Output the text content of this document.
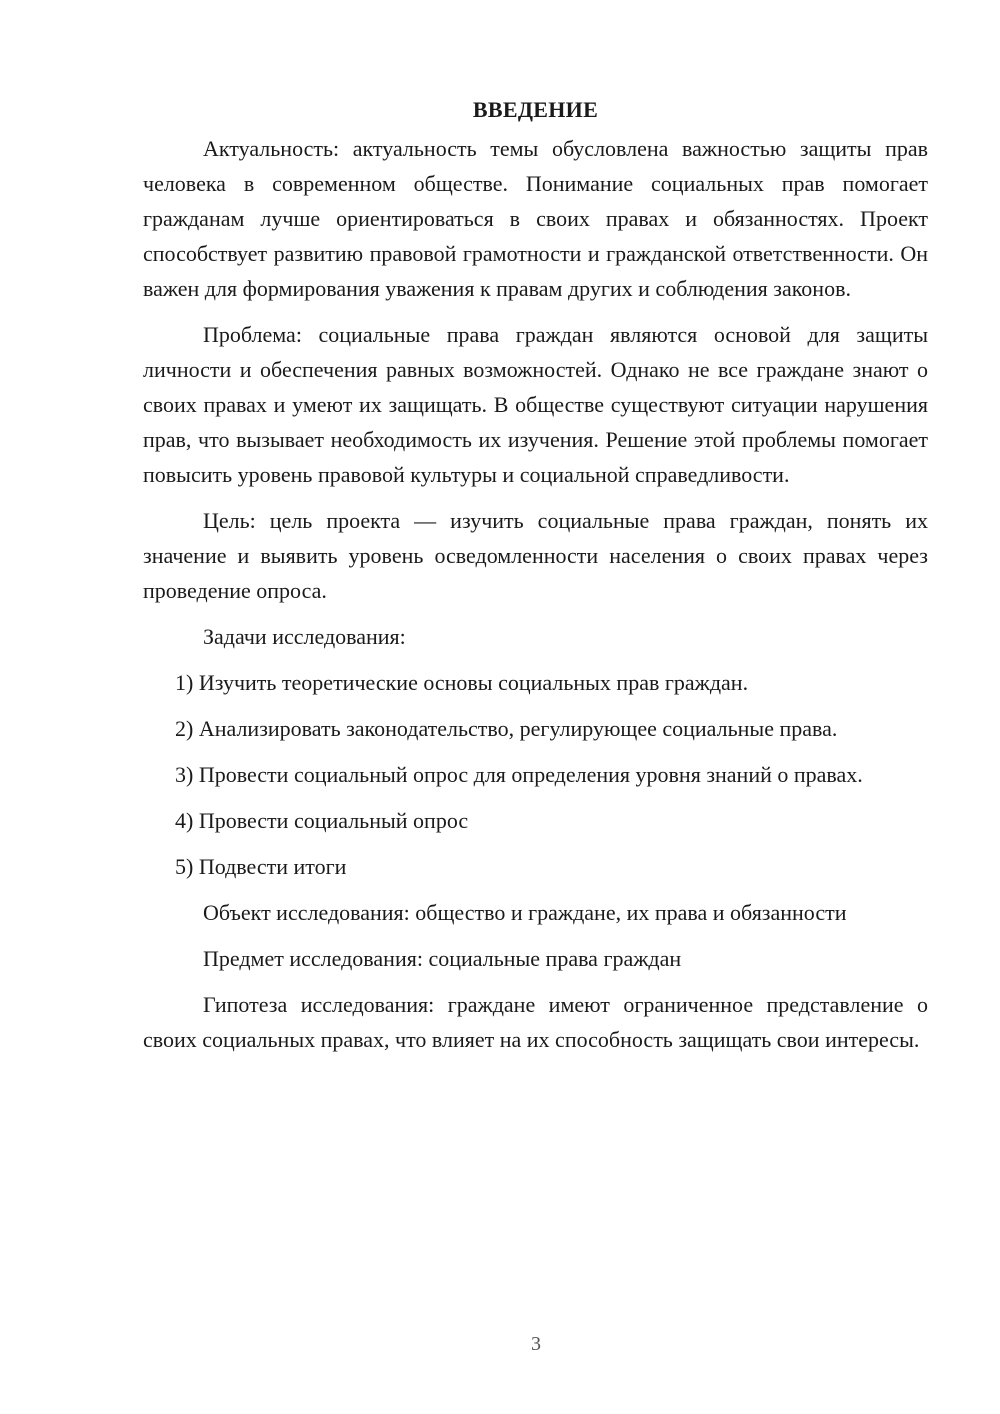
ВВЕДЕНИЕ

Актуальность: актуальность темы обусловлена важностью защиты прав человека в современном обществе. Понимание социальных прав помогает гражданам лучше ориентироваться в своих правах и обязанностях. Проект способствует развитию правовой грамотности и гражданской ответственности. Он важен для формирования уважения к правам других и соблюдения законов.

Проблема: социальные права граждан являются основой для защиты личности и обеспечения равных возможностей. Однако не все граждане знают о своих правах и умеют их защищать. В обществе существуют ситуации нарушения прав, что вызывает необходимость их изучения. Решение этой проблемы помогает повысить уровень правовой культуры и социальной справедливости.

Цель: цель проекта — изучить социальные права граждан, понять их значение и выявить уровень осведомленности населения о своих правах через проведение опроса.

Задачи исследования:

1) Изучить теоретические основы социальных прав граждан.

2) Анализировать законодательство, регулирующее социальные права.

3) Провести социальный опрос для определения уровня знаний о правах.

4) Провести социальный опрос

5) Подвести итоги

Объект исследования: общество и граждане, их права и обязанности

Предмет исследования: социальные права граждан

Гипотеза исследования: граждане имеют ограниченное представление о своих социальных правах, что влияет на их способность защищать свои интересы.

3
